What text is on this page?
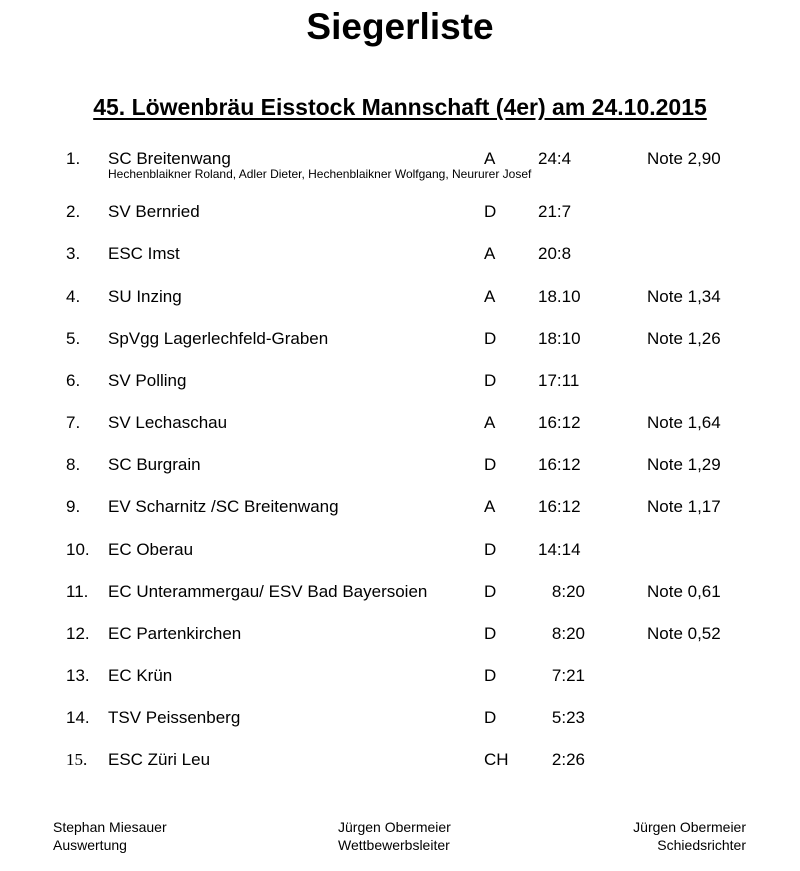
Siegerliste
45. Löwenbräu Eisstock Mannschaft (4er) am 24.10.2015
1. SC Breitenwang	A	24:4	Note 2,90
Hechenblaikner Roland, Adler Dieter, Hechenblaikner Wolfgang, Neururer Josef
2. SV Bernried	D 21:7
3. ESC Imst	A	20:8
4. SU Inzing	A	18.10	Note 1,34
5. SpVgg Lagerlechfeld-Graben	D 18:10	Note 1,26
6. SV Polling	D 17:11
7. SV Lechaschau	A	16:12	Note 1,64
8. SC Burgrain	D 16:12	Note 1,29
9. EV Scharnitz /SC Breitenwang	A	16:12	Note 1,17
10. EC Oberau	D 14:14
11. EC Unterammergau/ ESV Bad Bayersoien	D	8:20	Note 0,61
12. EC Partenkirchen	D	8:20	Note 0,52
13. EC Krün	D	7:21
14. TSV Peissenberg	D	5:23
15. ESC Züri Leu	CH	2:26
Stephan Miesauer
Auswertung
Jürgen Obermeier
Wettbewerbsleiter
Jürgen Obermeier
Schiedsrichter
